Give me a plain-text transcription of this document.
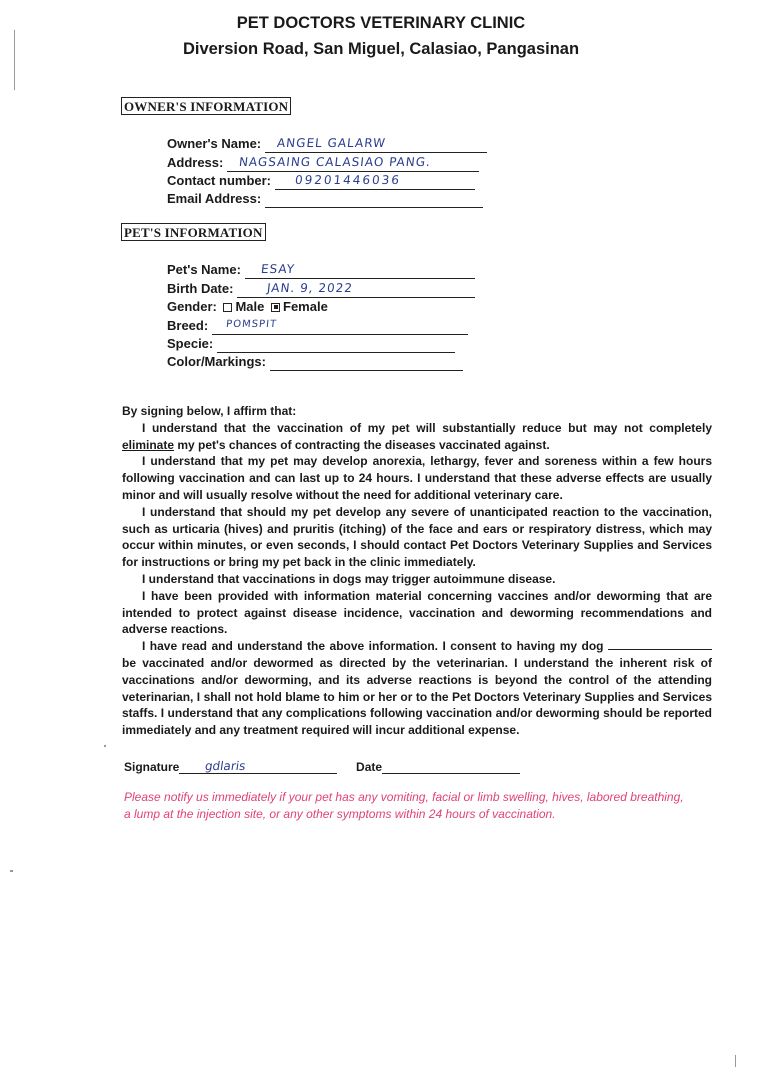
PET DOCTORS VETERINARY CLINIC
Diversion Road, San Miguel, Calasiao, Pangasinan
OWNER'S INFORMATION
Owner's Name: ANGEL GALARW
Address: NAGSAING CALASIAO PANG.
Contact number: 09201446036
Email Address:
PET'S INFORMATION
Pet's Name: ESAY
Birth Date:	JAN. 9, 2022
Gender: Male Female
Breed: POMSPIT
Specie:
Color/Markings:

By signing below, I affirm that:

I understand that the vaccination of my pet will substantially reduce but may not completely eliminate my pet's chances of contracting the diseases vaccinated against.

I understand that my pet may develop anorexia, lethargy, fever and soreness within a few hours following vaccination and can last up to 24 hours. I understand that these adverse effects are usually minor and will usually resolve without the need for additional veterinary care.

I understand that should my pet develop any severe of unanticipated reaction to the vaccination, such as urticaria (hives) and pruritis (itching) of the face and ears or respiratory distress, which may occur within minutes, or even seconds, I should contact Pet Doctors Veterinary Supplies and Services for instructions or bring my pet back in the clinic immediately.

I understand that vaccinations in dogs may trigger autoimmune disease.

I have been provided with information material concerning vaccines and/or deworming that are intended to protect against disease incidence, vaccination and deworming recommendations and adverse reactions.

I have read and understand the above information. I consent to having my dog  be vaccinated and/or dewormed as directed by the veterinarian. I understand the inherent risk of vaccinations and/or deworming, and its adverse reactions is beyond the control of the attending veterinarian, I shall not hold blame to him or her or to the Pet Doctors Veterinary Supplies and Services staffs. I understand that any complications following vaccination and/or deworming should be reported immediately and any treatment required will incur additional expense.

Signature gdlaris	Date
Please notify us immediately if your pet has any vomiting, facial or limb swelling, hives, labored breathing, a lump at the injection site, or any other symptoms within 24 hours of vaccination.
